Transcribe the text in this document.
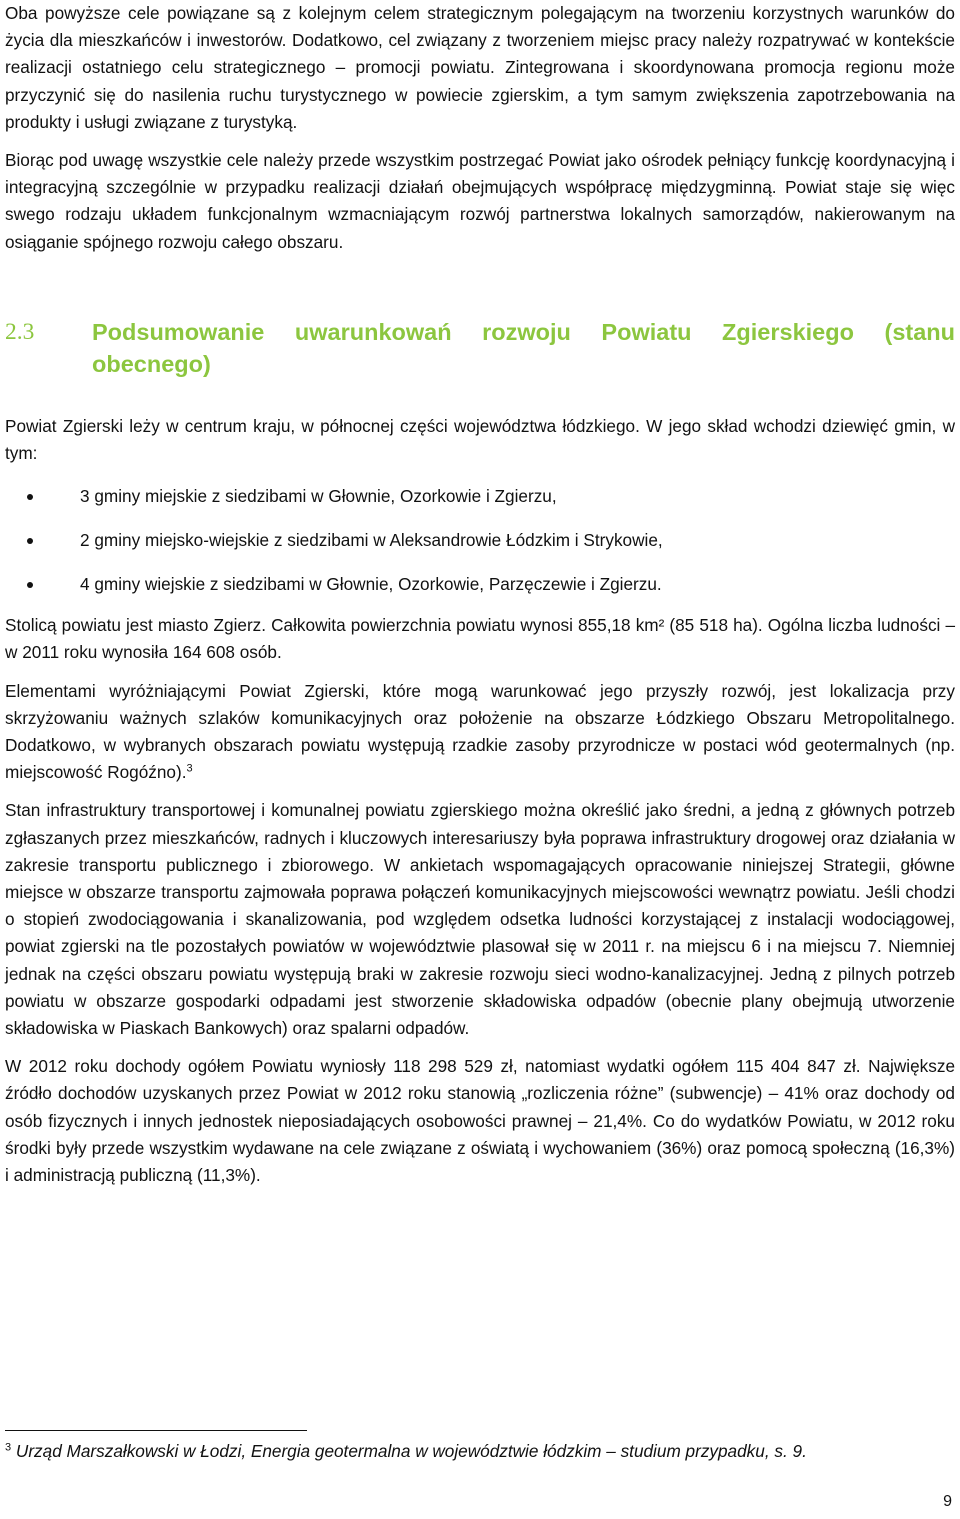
Oba powyższe cele powiązane są z kolejnym celem strategicznym polegającym na tworzeniu korzystnych warunków do życia dla mieszkańców i inwestorów. Dodatkowo, cel związany z tworzeniem miejsc pracy należy rozpatrywać w kontekście realizacji ostatniego celu strategicznego – promocji powiatu. Zintegrowana i skoordynowana promocja regionu może przyczynić się do nasilenia ruchu turystycznego w powiecie zgierskim, a tym samym zwiększenia zapotrzebowania na produkty i usługi związane z turystyką.

Biorąc pod uwagę wszystkie cele należy przede wszystkim postrzegać Powiat jako ośrodek pełniący funkcję koordynacyjną i integracyjną szczególnie w przypadku realizacji działań obejmujących współpracę międzygminną. Powiat staje się więc swego rodzaju układem funkcjonalnym wzmacniającym rozwój partnerstwa lokalnych samorządów, nakierowanym na osiąganie spójnego rozwoju całego obszaru.

2.3	Podsumowanie uwarunkowań rozwoju Powiatu Zgierskiego (stanu
obecnego)

Powiat Zgierski leży w centrum kraju, w północnej części województwa łódzkiego. W jego skład wchodzi dziewięć gmin, w tym:

3 gminy miejskie z siedzibami w Głownie, Ozorkowie i Zgierzu,
2 gminy miejsko-wiejskie z siedzibami w Aleksandrowie Łódzkim i Strykowie,
4 gminy wiejskie z siedzibami w Głownie, Ozorkowie, Parzęczewie i Zgierzu.

Stolicą powiatu jest miasto Zgierz. Całkowita powierzchnia powiatu wynosi 855,18 km² (85 518 ha). Ogólna liczba ludności – w 2011 roku wynosiła 164 608 osób.

Elementami wyróżniającymi Powiat Zgierski, które mogą warunkować jego przyszły rozwój, jest lokalizacja przy skrzyżowaniu ważnych szlaków komunikacyjnych oraz położenie na obszarze Łódzkiego Obszaru Metropolitalnego. Dodatkowo, w wybranych obszarach powiatu występują rzadkie zasoby przyrodnicze w postaci wód geotermalnych (np. miejscowość Rogóźno).$^3$

Stan infrastruktury transportowej i komunalnej powiatu zgierskiego można określić jako średni, a jedną z głównych potrzeb zgłaszanych przez mieszkańców, radnych i kluczowych interesariuszy była poprawa infrastruktury drogowej oraz działania w zakresie transportu publicznego i zbiorowego. W ankietach wspomagających opracowanie niniejszej Strategii, główne miejsce w obszarze transportu zajmowała poprawa połączeń komunikacyjnych miejscowości wewnątrz powiatu. Jeśli chodzi o stopień zwodociągowania i skanalizowania, pod względem odsetka ludności korzystającej z instalacji wodociągowej, powiat zgierski na tle pozostałych powiatów w województwie plasował się w 2011 r. na miejscu 6 i na miejscu 7. Niemniej jednak na części obszaru powiatu występują braki w zakresie rozwoju sieci wodno-kanalizacyjnej. Jedną z pilnych potrzeb powiatu w obszarze gospodarki odpadami jest stworzenie składowiska odpadów (obecnie plany obejmują utworzenie składowiska w Piaskach Bankowych) oraz spalarni odpadów.

W 2012 roku dochody ogółem Powiatu wyniosły 118 298 529 zł, natomiast wydatki ogółem 115 404 847 zł. Największe źródło dochodów uzyskanych przez Powiat w 2012 roku stanowią „rozliczenia różne” (subwencje) – 41% oraz dochody od osób fizycznych i innych jednostek nieposiadających osobowości prawnej – 21,4%. Co do wydatków Powiatu, w 2012 roku środki były przede wszystkim wydawane na cele związane z oświatą i wychowaniem (36%) oraz pomocą społeczną (16,3%) i administracją publiczną (11,3%).

$^3$ Urząd Marszałkowski w Łodzi, Energia geotermalna w województwie łódzkim – studium przypadku, s. 9.
9
